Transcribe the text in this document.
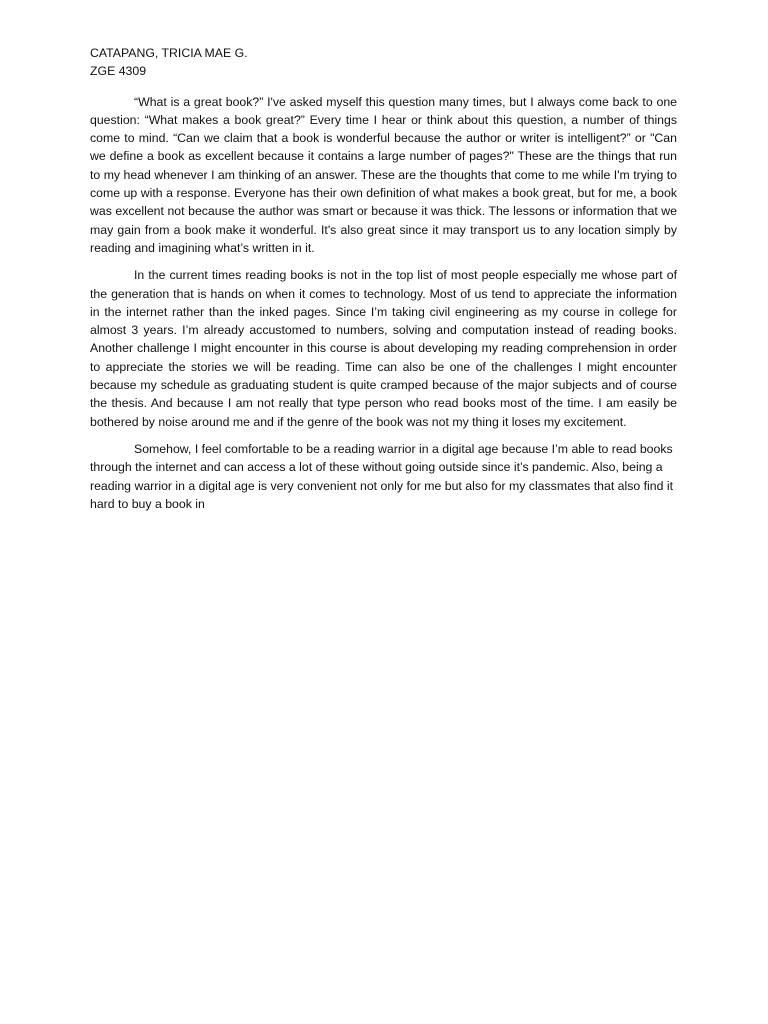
CATAPANG, TRICIA MAE G.

ZGE 4309

“What is a great book?” I've asked myself this question many times, but I always come back to one question: “What makes a book great?” Every time I hear or think about this question, a number of things come to mind. “Can we claim that a book is wonderful because the author or writer is intelligent?” or "Can we define a book as excellent because it contains a large number of pages?" These are the things that run to my head whenever I am thinking of an answer. These are the thoughts that come to me while I'm trying to come up with a response. Everyone has their own definition of what makes a book great, but for me, a book was excellent not because the author was smart or because it was thick. The lessons or information that we may gain from a book make it wonderful. It's also great since it may transport us to any location simply by reading and imagining what’s written in it.

In the current times reading books is not in the top list of most people especially me whose part of the generation that is hands on when it comes to technology. Most of us tend to appreciate the information in the internet rather than the inked pages. Since I’m taking civil engineering as my course in college for almost 3 years. I’m already accustomed to numbers, solving and computation instead of reading books. Another challenge I might encounter in this course is about developing my reading comprehension in order to appreciate the stories we will be reading. Time can also be one of the challenges I might encounter because my schedule as graduating student is quite cramped because of the major subjects and of course the thesis. And because I am not really that type person who read books most of the time. I am easily be bothered by noise around me and if the genre of the book was not my thing it loses my excitement.

Somehow, I feel comfortable to be a reading warrior in a digital age because I’m able to read books through the internet and can access a lot of these without going outside since it’s pandemic. Also, being a reading warrior in a digital age is very convenient not only for me but also for my classmates that also find it hard to buy a book in
